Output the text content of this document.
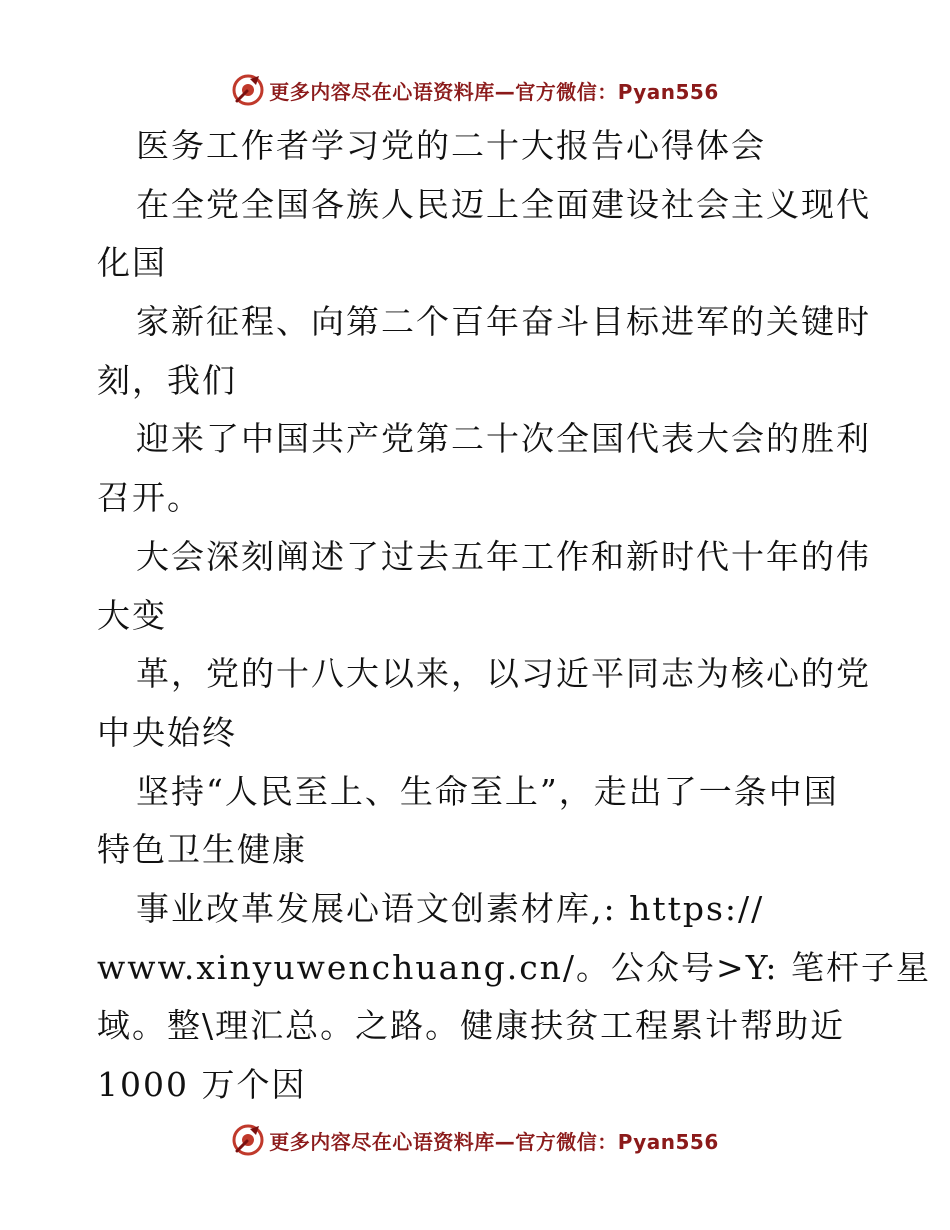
更多内容尽在心语资料库—官方微信：Pyan556
医务工作者学习党的二十大报告心得体会
在全党全国各族人民迈上全面建设社会主义现代
化国
家新征程、向第二个百年奋斗目标进军的关键时
刻，我们
迎来了中国共产党第二十次全国代表大会的胜利
召开。
大会深刻阐述了过去五年工作和新时代十年的伟
大变
革，党的十八大以来，以习近平同志为核心的党
中央始终
坚持“人民至上、生命至上”，走出了一条中国
特色卫生健康
事业改革发展心语文创素材库,: https://
www.xinyuwenchuang.cn/。公众号>Y: 笔杆子星
域。整\理汇总。之路。健康扶贫工程累计帮助近
1000 万个因
更多内容尽在心语资料库—官方微信：Pyan556
